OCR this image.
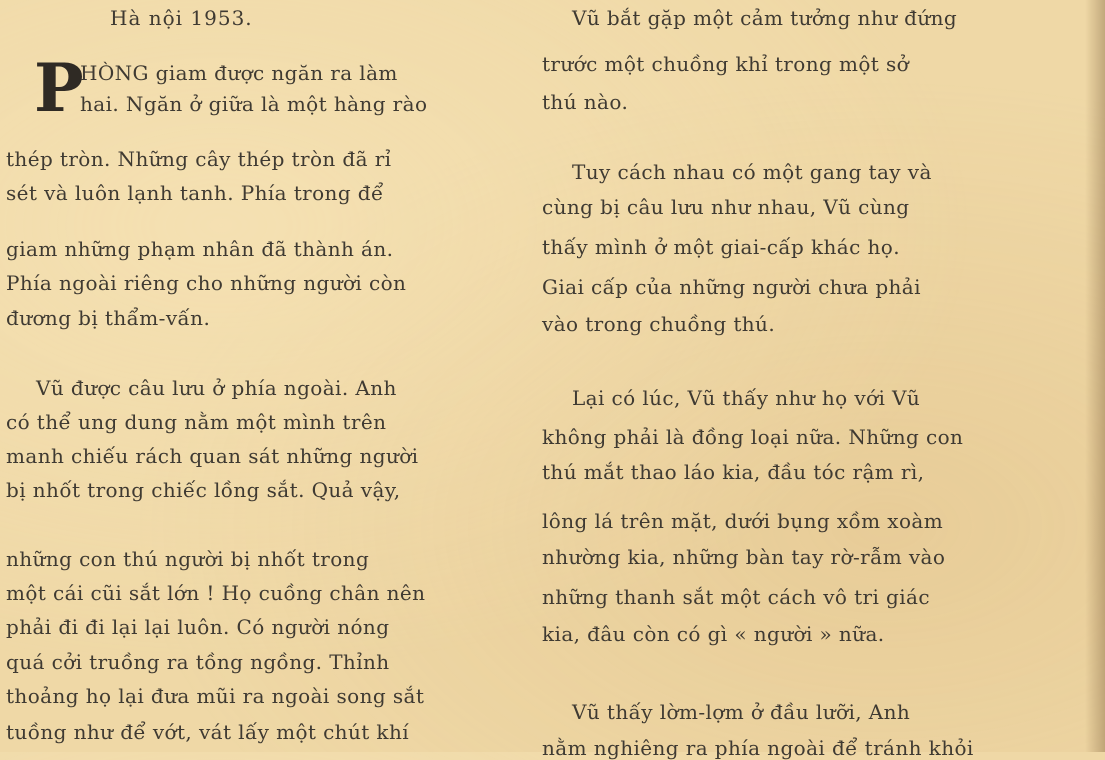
Hà nội 1953.
P
HÒNG gi​am được ngăn ra làm
hai. Ngăn ở giữa là một hàng rào
thép tròn. Những cây thép tròn đã rỉ
sét và luôn lạnh tanh. Phía trong để
giam những phạm nhân đã thành án.
Phía ngoài riêng cho những người còn
đương bị thẩm-vấn.
Vũ được câu lưu ở phía ngoài. Anh
có thể ung dung nằm một mình trên
manh chiếu rách quan sát những người
bị nhốt trong chiếc lồng sắt. Quả vậy,
những con thú người bị nhốt trong
một cái cũi sắt lớn ! Họ cuồng chân nên
phải đi đi lại lại luôn. Có người nóng
quá cởi truồng ra tồng ngồng. Thỉnh
thoảng họ lại đưa mũi ra ngoài song sắt
tuồng như để vớt, vát lấy một chút khí
Vũ bắt gặp một cảm tưởng như đứng
trước một chuồng khỉ trong một sở
thú nào.
Tuy cách nhau có một gang tay và
cùng bị câu lưu như nhau, Vũ cùng
thấy mình ở một giai-cấp khác họ.
Giai cấp của những người chưa phải
vào trong chuồng thú.
Lại có lúc, Vũ thấy như họ với Vũ
không phải là đồng loại nữa. Những con
thú mắt thao láo kia, đầu tóc rậm rì,
lông lá trên mặt, dưới bụng xồm xoàm
nhường kia, những bàn tay rờ-rẫm vào
những thanh sắt một cách vô tri giác
kia, đâu còn có gì « người » nữa.
Vũ thấy lờm-lợm ở đầu lưỡi, Anh
nằm nghiêng ra phía ngoài để tránh khỏi
